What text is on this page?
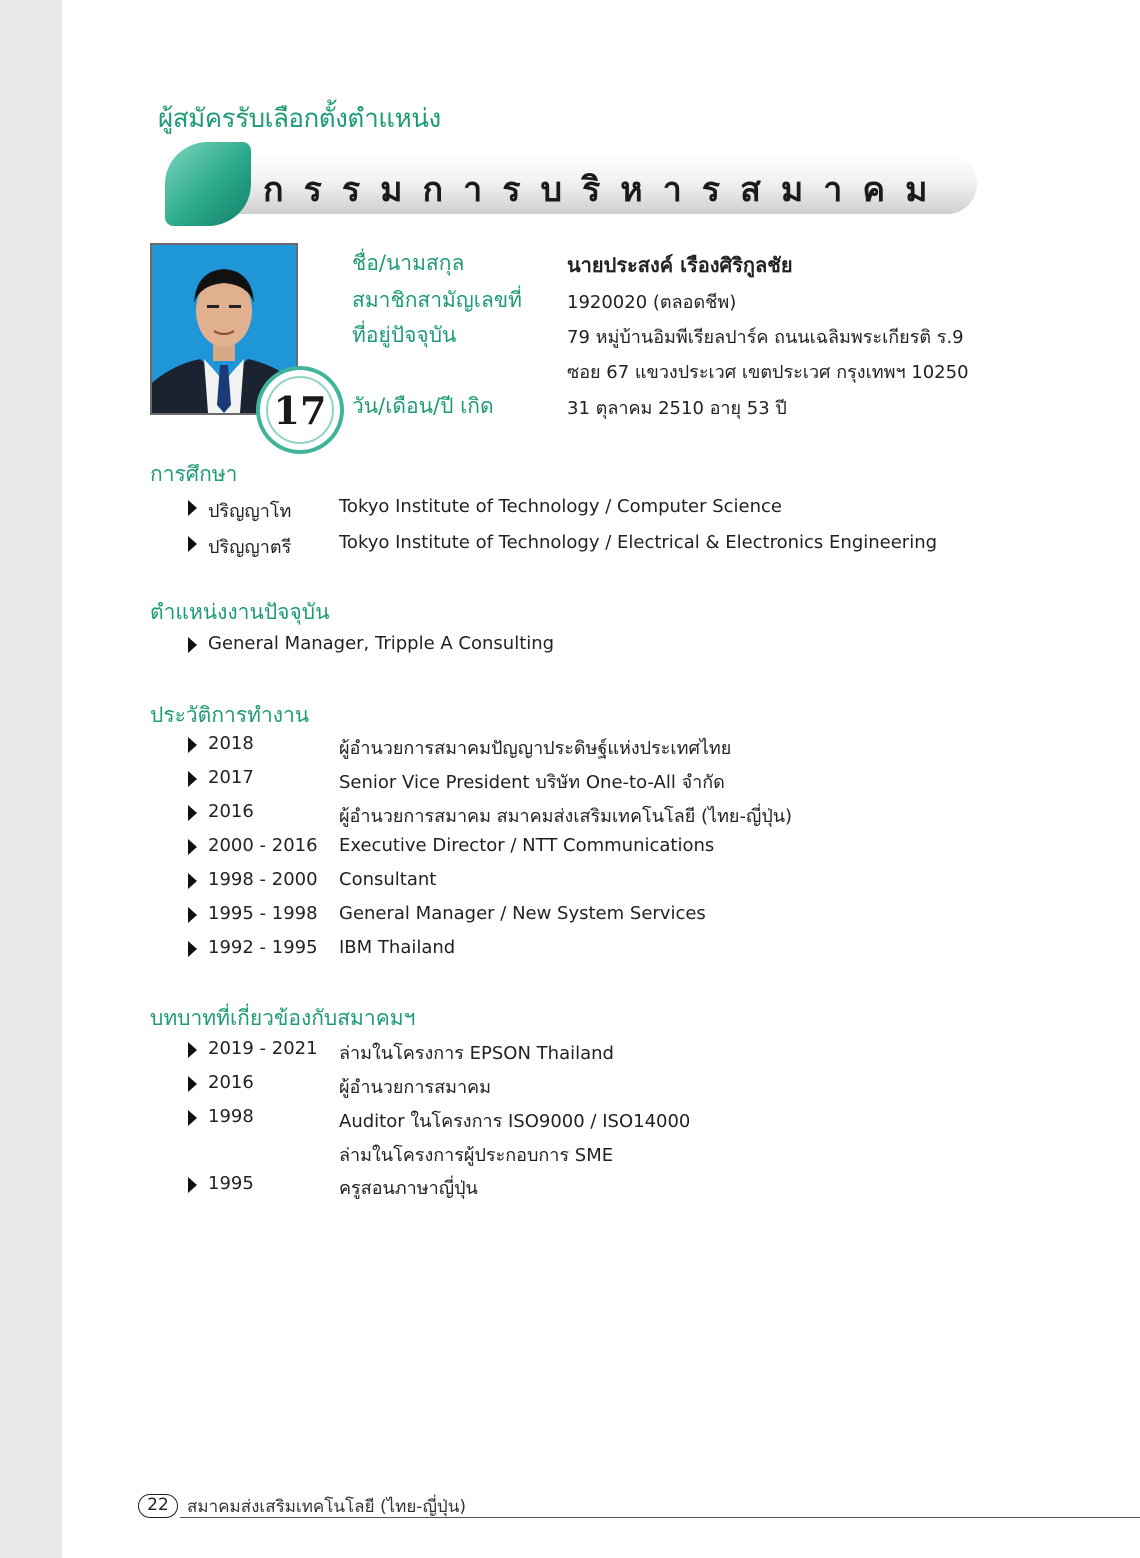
ผู้สมัครรับเลือกตั้งตำแหน่ง
กรรมการบริหารสมาคม
17
ชื่อ/นามสกุล	นายประสงค์ เรืองศิริกูลชัย
สมาชิกสามัญเลขที่ 1920020 (ตลอดชีพ)
ที่อยู่ปัจจุบัน	79 หมู่บ้านอิมพีเรียลปาร์ค ถนนเฉลิมพระเกียรติ ร.9
ซอย 67 แขวงประเวศ เขตประเวศ กรุงเทพฯ 10250
วัน/เดือน/ปี เกิด	31 ตุลาคม 2510 อายุ 53 ปี
การศึกษา
ปริญญาโท	Tokyo Institute of Technology / Computer Science
ปริญญาตรี	Tokyo Institute of Technology / Electrical & Electronics Engineering
ตำแหน่งงานปัจจุบัน
General Manager, Tripple A Consulting
ประวัติการทำงาน
2018	ผู้อำนวยการสมาคมปัญญาประดิษฐ์แห่งประเทศไทย
2017	Senior Vice President บริษัท One-to-All จำกัด
2016	ผู้อำนวยการสมาคม สมาคมส่งเสริมเทคโนโลยี (ไทย-ญี่ปุ่น)
2000 - 2016 Executive Director / NTT Communications
1998 - 2000 Consultant
1995 - 1998 General Manager / New System Services
1992 - 1995 IBM Thailand
บทบาทที่เกี่ยวข้องกับสมาคมฯ
2019 - 2021 ล่ามในโครงการ EPSON Thailand
2016	ผู้อำนวยการสมาคม
1998	Auditor ในโครงการ ISO9000 / ISO14000
ล่ามในโครงการผู้ประกอบการ SME
1995	ครูสอนภาษาญี่ปุ่น
22	สมาคมส่งเสริมเทคโนโลยี (ไทย-ญี่ปุ่น)
